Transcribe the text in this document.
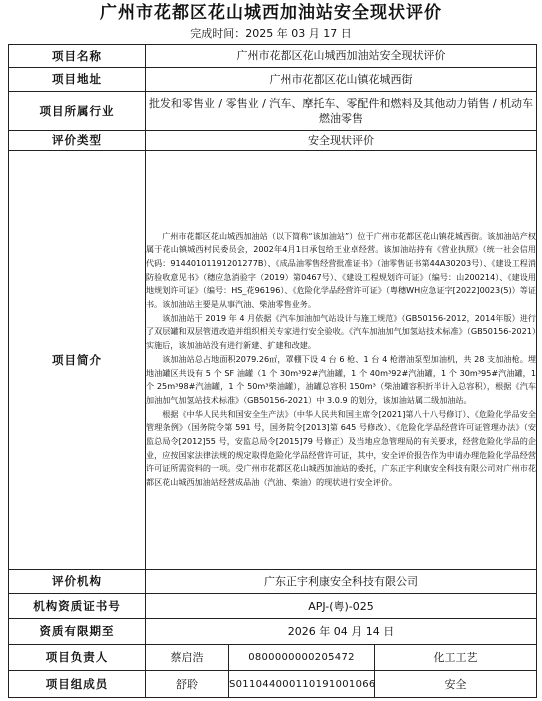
广州市花都区花山城西加油站安全现状评价
完成时间：2025 年 03 月 17 日
项目名称	广州市花都区花山城西加油站安全现状评价		
项目地址	广州市花都区花山镇花城西街		
项目所属行业	批发和零售业 / 零售业 / 汽车、摩托车、零配件和燃料及其他动力销售 / 机动车燃油零售		
评价类型	安全现状评价		
项目简介	广州市花都区花山城西加油站（以下简称“该加油站”）位于广州市花都区花山镇花城西街。该加油站产权属于花山镇城西村民委员会，2002年4月1日承包给王业卓经营。该加油站持有《营业执照》（统一社会信用代码：91440101191201277B）、《成品油零售经营批准证书》（油零售证书第44A30203号）、《建设工程消防验收意见书》（穗应急消验字（2019）第0467号）、《建设工程规划许可证》（编号：山200214）、《建设用地规划许可证》（编号：HS_花96196）、《危险化学品经营许可证》（粤穗WH应急证字[2022]0023(5)）等证书。该加油站主要是从事汽油、柴油零售业务。

该加油站于 2019 年 4 月依据《汽车加油加气站设计与施工规范》（GB50156-2012，2014年版）进行了双层罐和双层管道改造并组织相关专家进行安全验收。《汽车加油加气加氢站技术标准》（GB50156-2021）实施后，该加油站没有进行新建、扩建和改建。

该加油站总占地面积2079.26㎡，罩棚下设 4 台 6 枪、1 台 4 枪潜油泵型加油机，共 28 支加油枪。埋地油罐区共设有 5 个 SF 油罐（1 个 30m³92#汽油罐，1 个 40m³92#汽油罐，1 个 30m³95#汽油罐，1 个 25m³98#汽油罐，1 个 50m³柴油罐），油罐总容积 150m³（柴油罐容积折半计入总容积），根据《汽车加油加气加氢站技术标准》（GB50156-2021）中 3.0.9 的划分，该加油站属二级加油站。

根据《中华人民共和国安全生产法》（中华人民共和国主席令[2021]第八十八号修订）、《危险化学品安全管理条例》（国务院令第 591 号，国务院令[2013]第 645 号修改）、《危险化学品经营许可证管理办法》（安监总局令[2012]55 号，安监总局令[2015]79 号修正）及当地应急管理局的有关要求，经营危险化学品的企业，应按国家法律法规的规定取得危险化学品经营许可证，其中，安全评价报告作为申请办理危险化学品经营许可证所需资料的一项。受广州市花都区花山城西加油站的委托，广东正宇利康安全科技有限公司对广州市花都区花山城西加油站经营成品油（汽油、柴油）的现状进行安全评价。		

评价机构	广东正宇利康安全科技有限公司		
机构资质证书号	APJ-(粤)-025		
资质有限期至	2026 年 04 月 14 日		
项目负责人	蔡启浩	0800000000205472	化工工艺
项目组成员	舒聆	S011044000110191001066	安全
